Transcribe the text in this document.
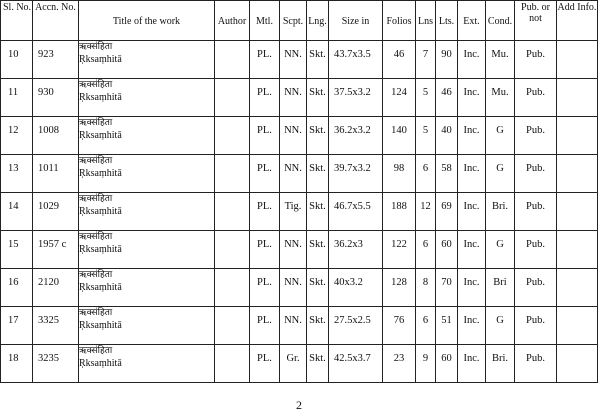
Sl. No.	Accn. No.	Title of the work	Author	Mtl.	Scpt.	Lng.	Size in	Folios	Lns	Lts.	Ext.	Cond.	Pub. or not	Add Info.

10	923	ऋक्संहिता
Ṛksaṃhitā		PL.	NN.	Skt.	43.7x3.5	46	7	90	Inc.	Mu.	Pub.	

11	930	ऋक्संहिता
Ṛksaṃhitā		PL.	NN.	Skt.	37.5x3.2	124	5	46	Inc.	Mu.	Pub.	

12	1008	ऋक्संहिता
Ṛksaṃhitā		PL.	NN.	Skt.	36.2x3.2	140	5	40	Inc.	G	Pub.	

13	1011	ऋक्संहिता
Ṛksaṃhitā		PL.	NN.	Skt.	39.7x3.2	98	6	58	Inc.	G	Pub.	

14	1029	ऋक्संहिता
Ṛksaṃhitā		PL.	Tig.	Skt.	46.7x5.5	188	12	69	Inc.	Bri.	Pub.	

15	1957 c	ऋक्संहिता
Ṛksaṃhitā		PL.	NN.	Skt.	36.2x3	122	6	60	Inc.	G	Pub.	

16	2120	ऋक्संहिता
Ṛksaṃhitā		PL.	NN.	Skt.	40x3.2	128	8	70	Inc.	Bri	Pub.	

17	3325	ऋक्संहिता
Ṛksaṃhitā		PL.	NN.	Skt.	27.5x2.5	76	6	51	Inc.	G	Pub.	

18	3235	ऋक्संहिता
Ṛksaṃhitā		PL.	Gr.	Skt.	42.5x3.7	23	9	60	Inc.	Bri.	Pub.	

2
